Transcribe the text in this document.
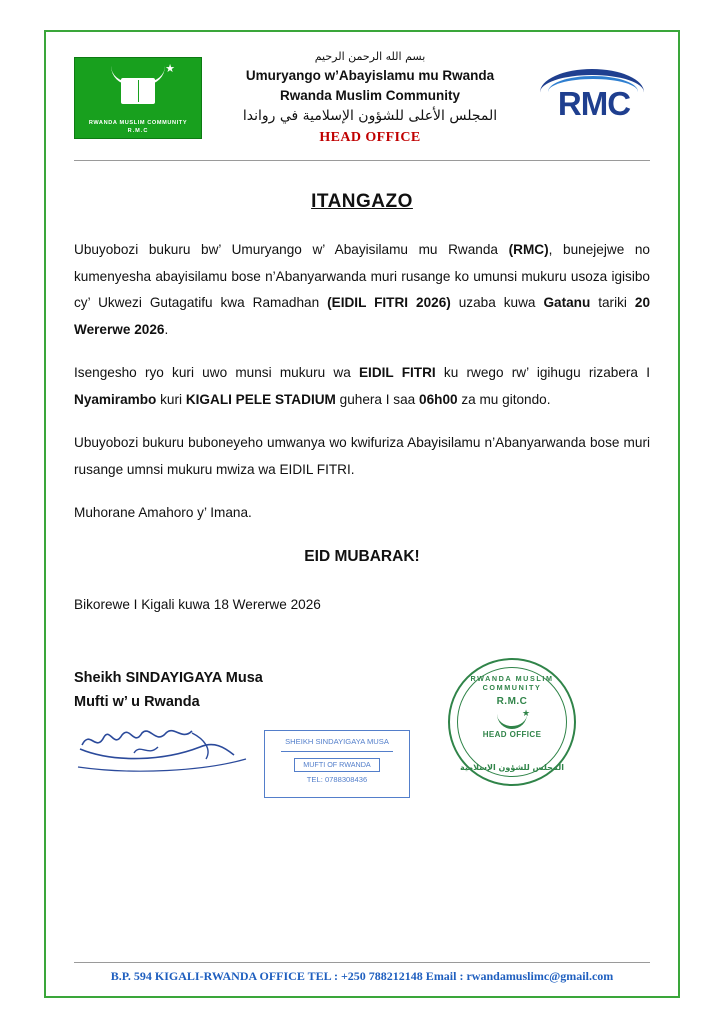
★
RWANDA MUSLIM COMMUNITY
R.M.C
بسم الله الرحمن الرحيم
Umuryango w’Abayislamu mu Rwanda
Rwanda Muslim Community
المجلس الأعلى للشؤون الإسلامية في رواندا
HEAD OFFICE
RMC
ITANGAZO

Ubuyobozi bukuru bw’ Umuryango w’ Abayisilamu mu Rwanda (RMC), bunejejwe no kumenyesha abayisilamu bose n’Abanyarwanda muri rusange ko umunsi mukuru usoza igisibo cy’ Ukwezi Gutagatifu kwa Ramadhan (EIDIL FITRI 2026) uzaba kuwa Gatanu tariki 20 Wererwe 2026.

Isengesho ryo kuri uwo munsi mukuru wa EIDIL FITRI ku rwego rw’ igihugu rizabera I Nyamirambo kuri KIGALI PELE STADIUM guhera I saa 06h00 za mu gitondo.

Ubuyobozi bukuru buboneyeho umwanya wo kwifuriza Abayisilamu n’Abanyarwanda bose muri rusange umnsi mukuru mwiza wa EIDIL FITRI.

Muhorane Amahoro y’ Imana.

EID MUBARAK!

Bikorewe I Kigali kuwa 18 Wererwe 2026

Sheikh SINDAYIGAYA Musa
Mufti w’ u Rwanda
SHEIKH SINDAYIGAYA MUSA
MUFTI OF RWANDA
TEL: 0788308436
RWANDA MUSLIM COMMUNITY
R.M.C
★
HEAD OFFICE
المجلس للشؤون الإسلامية
B.P. 594 KIGALI-RWANDA OFFICE TEL : +250 788212148 Email : rwandamuslimc@gmail.com
